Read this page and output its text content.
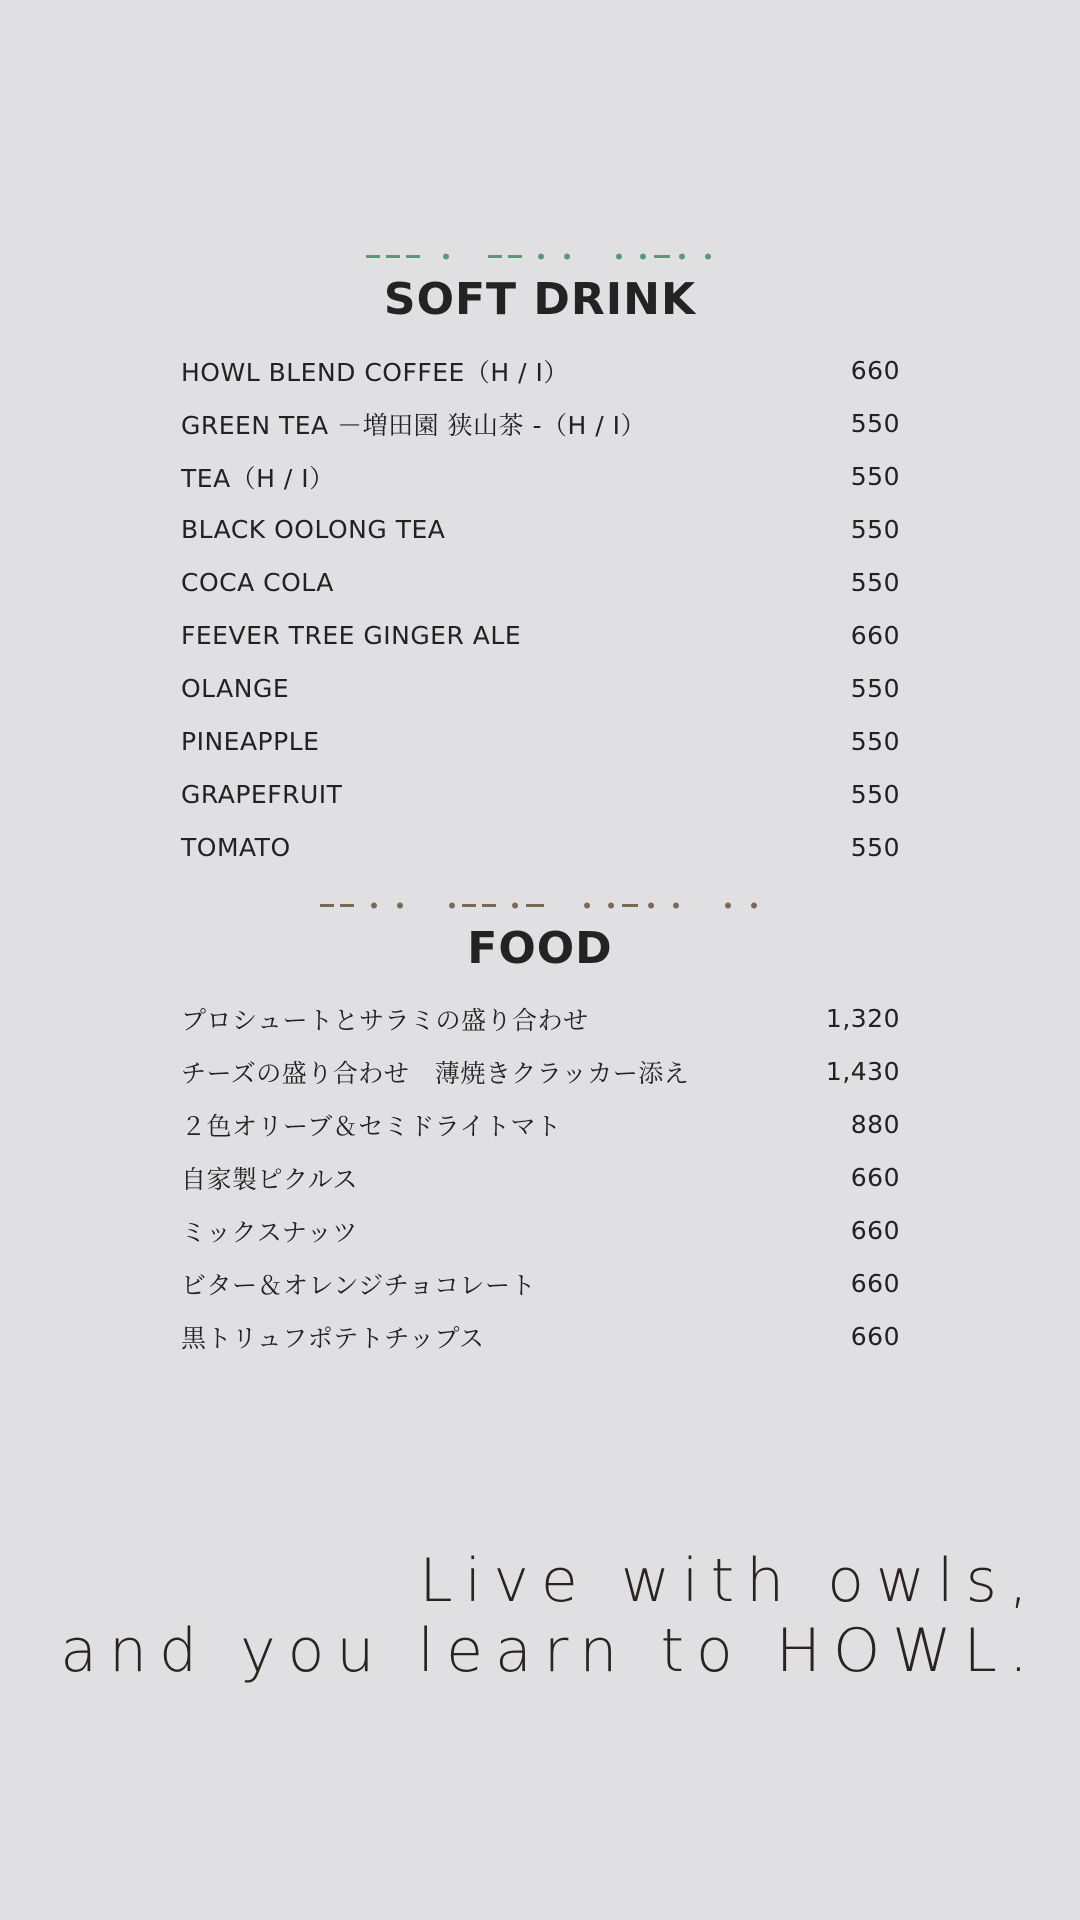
SOFT DRINK
HOWL BLEND COFFEE（H / I）	660
GREEN TEA －増田園 狭山茶 -（H / I）	550
TEA（H / I）	550
BLACK OOLONG TEA	550
COCA COLA	550
FEEVER TREE GINGER ALE	660
OLANGE	550
PINEAPPLE	550
GRAPEFRUIT	550
TOMATO	550
FOOD
プロシュートとサラミの盛り合わせ	1,320
チーズの盛り合わせ　薄焼きクラッカー添え	1,430
２色オリーブ＆セミドライトマト	880
自家製ピクルス	660
ミックスナッツ	660
ビター＆オレンジチョコレート	660
黒トリュフポテトチップス	660
Live with owls,
and you learn to HOWL.
